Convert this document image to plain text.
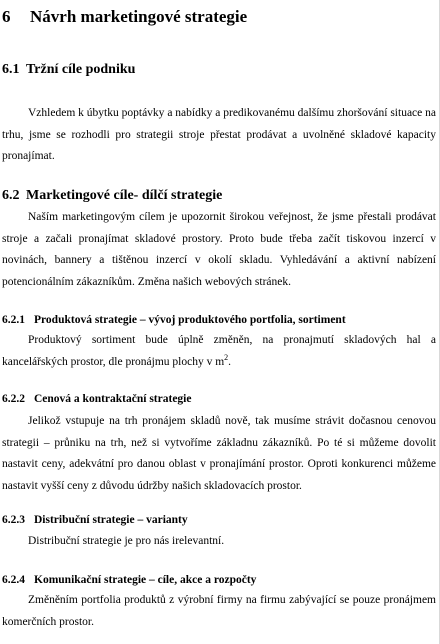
6 Návrh marketingové strategie
6.1 Tržní cíle podniku

Vzhledem k úbytku poptávky a nabídky a predikovanému dalšímu zhoršování situace na trhu, jsme se rozhodli pro strategii stroje přestat prodávat a uvolněné skladové kapacity pronajímat.

6.2 Marketingové cíle- dílčí strategie

Naším marketingovým cílem je upozornit širokou veřejnost, že jsme přestali prodávat stroje a začali pronajímat skladové prostory. Proto bude třeba začít tiskovou inzercí v novinách, bannery a tištěnou inzercí v okolí skladu. Vyhledávání a aktivní nabízení potencionálním zákazníkům. Změna našich webových stránek.

6.2.1 Produktová strategie – vývoj produktového portfolia, sortiment

Produktový sortiment bude úplně změněn, na pronajmutí skladových hal a kancelářských prostor, dle pronájmu plochy v $m^2$.

6.2.2 Cenová a kontraktační strategie

Jelikož vstupuje na trh pronájem skladů nově, tak musíme strávit dočasnou cenovou strategii – průniku na trh, než si vytvoříme základnu zákazníků. Po té si můžeme dovolit nastavit ceny, adekvátní pro danou oblast v pronajímání prostor. Oproti konkurenci můžeme nastavit vyšší ceny z důvodu údržby našich skladovacích prostor.

6.2.3 Distribuční strategie – varianty

Distribuční strategie je pro nás irelevantní.

6.2.4 Komunikační strategie – cíle, akce a rozpočty

Změněním portfolia produktů z výrobní firmy na firmu zabývající se pouze pronájmem komerčních prostor.
